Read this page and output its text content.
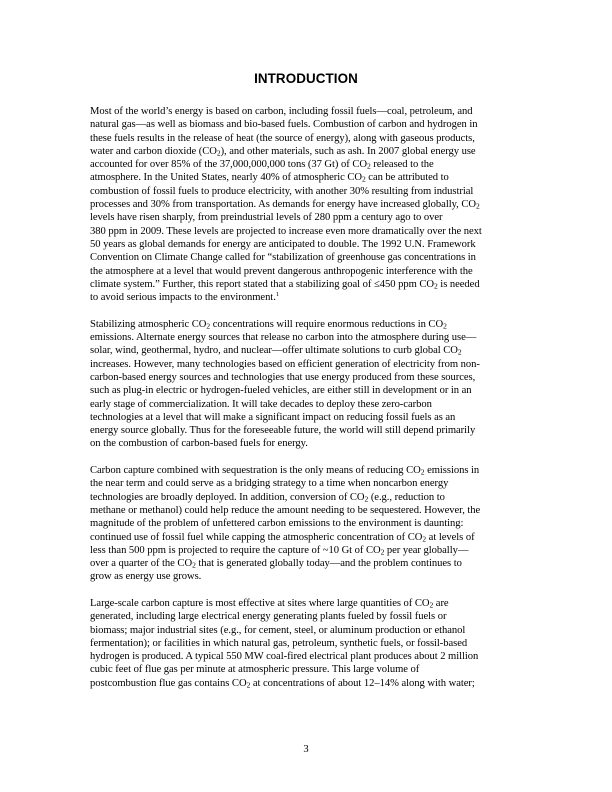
INTRODUCTION

Most of the world’s energy is based on carbon, including fossil fuels—coal, petroleum, and
natural gas—as well as biomass and bio-based fuels. Combustion of carbon and hydrogen in
these fuels results in the release of heat (the source of energy), along with gaseous products,
water and carbon dioxide $(CO_2)$, and other materials, such as ash. In 2007 global energy use
accounted for over 85% of the 37,000,000,000 tons (37 Gt) of $CO_2$ released to the
atmosphere. In the United States, nearly 40% of atmospheric $CO_2$ can be attributed to
combustion of fossil fuels to produce electricity, with another 30% resulting from industrial
processes and 30% from transportation. As demands for energy have increased globally, $CO_2$
levels have risen sharply, from preindustrial levels of 280 ppm a century ago to over
380 ppm in 2009. These levels are projected to increase even more dramatically over the next
50 years as global demands for energy are anticipated to double. The 1992 U.N. Framework
Convention on Climate Change called for “stabilization of greenhouse gas concentrations in
the atmosphere at a level that would prevent dangerous anthropogenic interference with the
climate system.” Further, this report stated that a stabilizing goal of ≤450 ppm $CO_2$ is needed
to avoid serious impacts to the environment.$^1$

Stabilizing atmospheric $CO_2$ concentrations will require enormous reductions in $CO_2$
emissions. Alternate energy sources that release no carbon into the atmosphere during use—
solar, wind, geothermal, hydro, and nuclear—offer ultimate solutions to curb global $CO_2$
increases. However, many technologies based on efficient generation of electricity from non-
carbon-based energy sources and technologies that use energy produced from these sources,
such as plug-in electric or hydrogen-fueled vehicles, are either still in development or in an
early stage of commercialization. It will take decades to deploy these zero-carbon
technologies at a level that will make a significant impact on reducing fossil fuels as an
energy source globally. Thus for the foreseeable future, the world will still depend primarily
on the combustion of carbon-based fuels for energy.

Carbon capture combined with sequestration is the only means of reducing $CO_2$ emissions in
the near term and could serve as a bridging strategy to a time when noncarbon energy
technologies are broadly deployed. In addition, conversion of $CO_2$ (e.g., reduction to
methane or methanol) could help reduce the amount needing to be sequestered. However, the
magnitude of the problem of unfettered carbon emissions to the environment is daunting:
continued use of fossil fuel while capping the atmospheric concentration of $CO_2$ at levels of
less than 500 ppm is projected to require the capture of ~10 Gt of $CO_2$ per year globally—
over a quarter of the $CO_2$ that is generated globally today—and the problem continues to
grow as energy use grows.

Large-scale carbon capture is most effective at sites where large quantities of $CO_2$ are
generated, including large electrical energy generating plants fueled by fossil fuels or
biomass; major industrial sites (e.g., for cement, steel, or aluminum production or ethanol
fermentation); or facilities in which natural gas, petroleum, synthetic fuels, or fossil-based
hydrogen is produced. A typical 550 MW coal-fired electrical plant produces about 2 million
cubic feet of flue gas per minute at atmospheric pressure. This large volume of
postcombustion flue gas contains $CO_2$ at concentrations of about 12–14% along with water;

3
